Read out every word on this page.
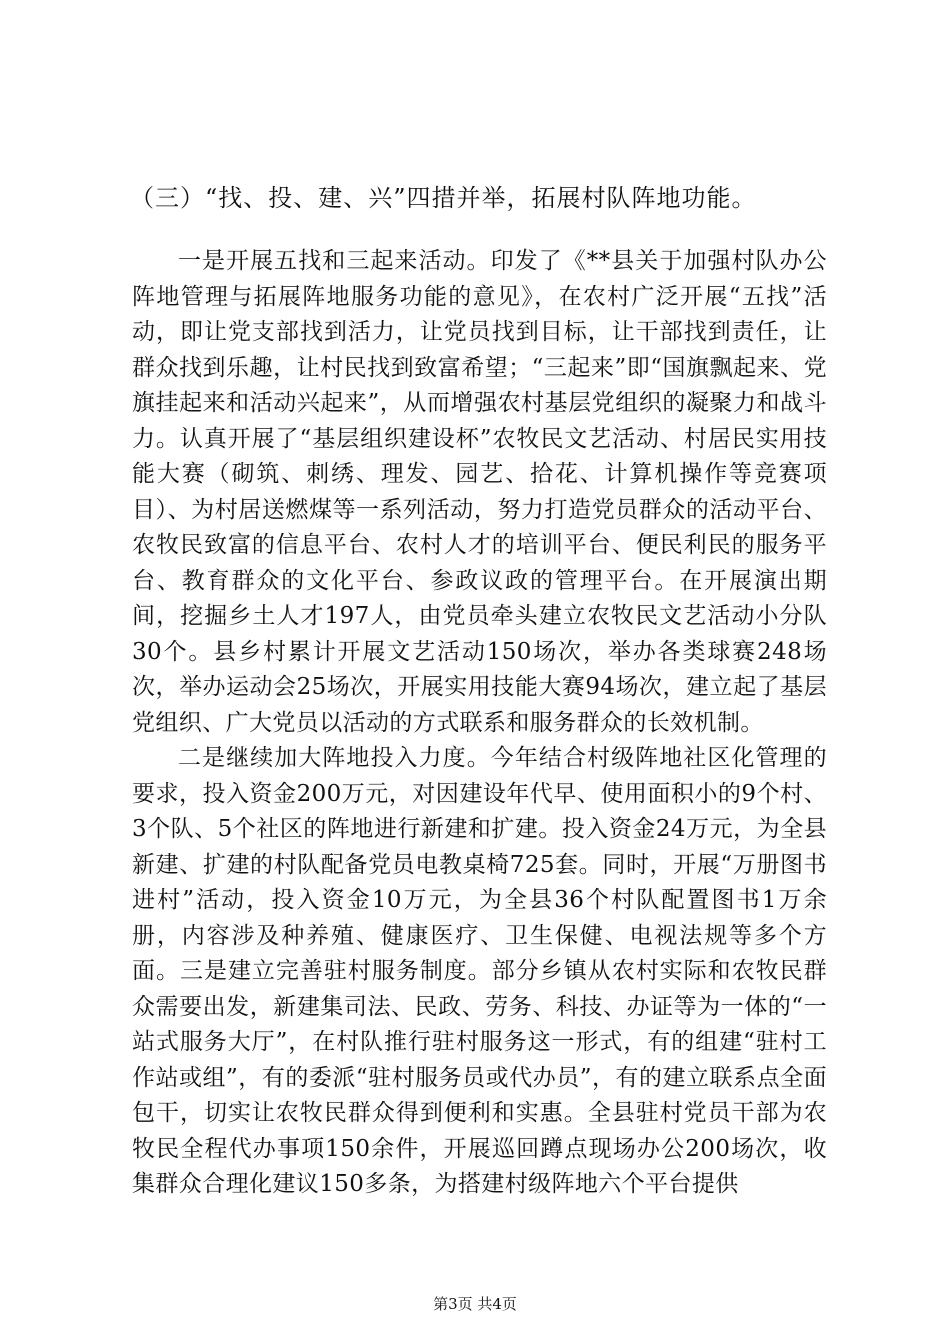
（三）“找、投、建、兴”四措并举，拓展村队阵地功能。

一是开展五找和三起来活动。印发了《**县关于加强村队办公阵地管理与拓展阵地服务功能的意见》，在农村广泛开展“五找”活动，即让党支部找到活力，让党员找到目标，让干部找到责任，让群众找到乐趣，让村民找到致富希望；“三起来”即“国旗飘起来、党旗挂起来和活动兴起来”，从而增强农村基层党组织的凝聚力和战斗力。认真开展了“基层组织建设杯”农牧民文艺活动、村居民实用技能大赛（砌筑、刺绣、理发、园艺、拾花、计算机操作等竞赛项目）、为村居送燃煤等一系列活动，努力打造党员群众的活动平台、农牧民致富的信息平台、农村人才的培训平台、便民利民的服务平台、教育群众的文化平台、参政议政的管理平台。在开展演出期间，挖掘乡土人才197人，由党员牵头建立农牧民文艺活动小分队30个。县乡村累计开展文艺活动150场次，举办各类球赛248场次，举办运动会25场次，开展实用技能大赛94场次，建立起了基层党组织、广大党员以活动的方式联系和服务群众的长效机制。

二是继续加大阵地投入力度。今年结合村级阵地社区化管理的要求，投入资金200万元，对因建设年代早、使用面积小的9个村、3个队、5个社区的阵地进行新建和扩建。投入资金24万元，为全县新建、扩建的村队配备党员电教桌椅725套。同时，开展“万册图书进村”活动，投入资金10万元，为全县36个村队配置图书1万余册，内容涉及种养殖、健康医疗、卫生保健、电视法规等多个方面。三是建立完善驻村服务制度。部分乡镇从农村实际和农牧民群众需要出发，新建集司法、民政、劳务、科技、办证等为一体的“一站式服务大厅”，在村队推行驻村服务这一形式，有的组建“驻村工作站或组”，有的委派“驻村服务员或代办员”，有的建立联系点全面包干，切实让农牧民群众得到便利和实惠。全县驻村党员干部为农牧民全程代办事项150余件，开展巡回蹲点现场办公200场次，收集群众合理化建议150多条，为搭建村级阵地六个平台提供

第3页 共4页
